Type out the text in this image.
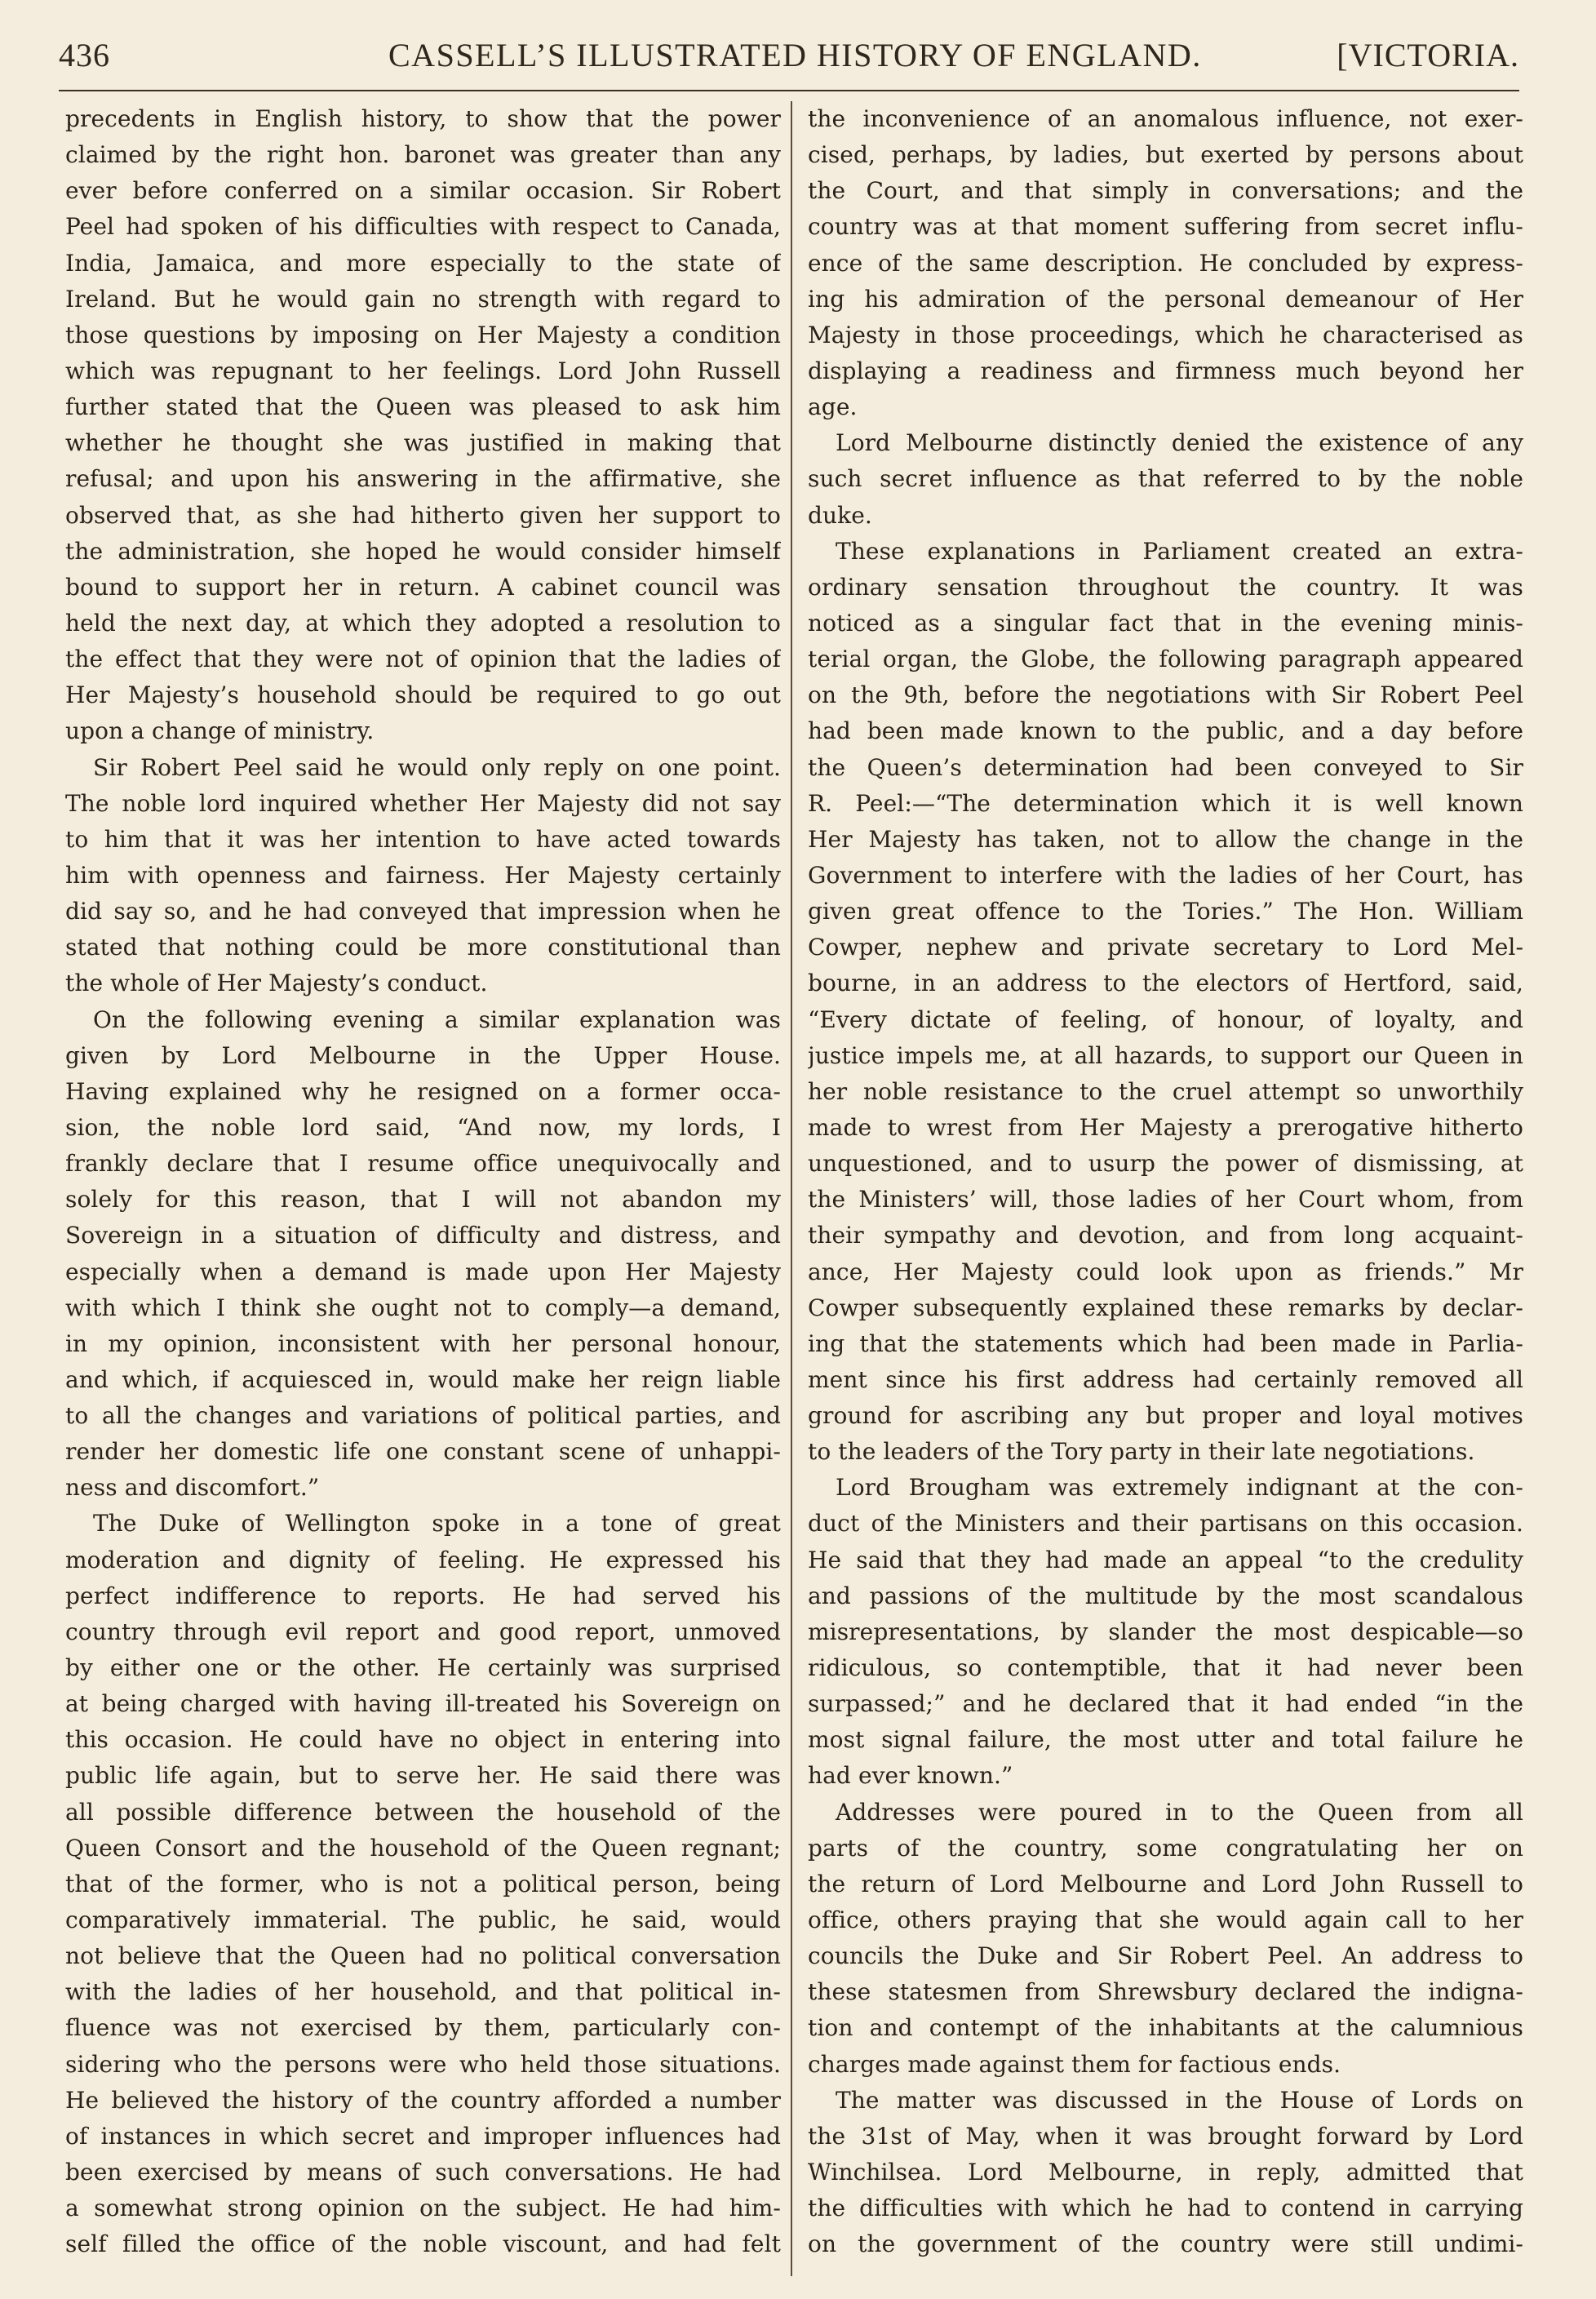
436	CASSELL’S ILLUSTRATED HISTORY OF ENGLAND.	[VICTORIA.
precedents in English history, to show that the power
claimed by the right hon. baronet was greater than any
ever before conferred on a similar occasion. Sir Robert
Peel had spoken of his difficulties with respect to Canada,
India, Jamaica, and more especially to the state of
Ireland. But he would gain no strength with regard to
those questions by imposing on Her Majesty a condition
which was repugnant to her feelings. Lord John Russell
further stated that the Queen was pleased to ask him
whether he thought she was justified in making that
refusal; and upon his answering in the affirmative, she
observed that, as she had hitherto given her support to
the administration, she hoped he would consider himself
bound to support her in return. A cabinet council was
held the next day, at which they adopted a resolution to
the effect that they were not of opinion that the ladies of
Her Majesty’s household should be required to go out
upon a change of ministry.
Sir Robert Peel said he would only reply on one point.
The noble lord inquired whether Her Majesty did not say
to him that it was her intention to have acted towards
him with openness and fairness. Her Majesty certainly
did say so, and he had conveyed that impression when he
stated that nothing could be more constitutional than
the whole of Her Majesty’s conduct.
On the following evening a similar explanation was
given by Lord Melbourne in the Upper House.
Having explained why he resigned on a former occa-
sion, the noble lord said, “And now, my lords, I
frankly declare that I resume office unequivocally and
solely for this reason, that I will not abandon my
Sovereign in a situation of difficulty and distress, and
especially when a demand is made upon Her Majesty
with which I think she ought not to comply—a demand,
in my opinion, inconsistent with her personal honour,
and which, if acquiesced in, would make her reign liable
to all the changes and variations of political parties, and
render her domestic life one constant scene of unhappi-
ness and discomfort.”
The Duke of Wellington spoke in a tone of great
moderation and dignity of feeling. He expressed his
perfect indifference to reports. He had served his
country through evil report and good report, unmoved
by either one or the other. He certainly was surprised
at being charged with having ill-treated his Sovereign on
this occasion. He could have no object in entering into
public life again, but to serve her. He said there was
all possible difference between the household of the
Queen Consort and the household of the Queen regnant;
that of the former, who is not a political person, being
comparatively immaterial. The public, he said, would
not believe that the Queen had no political conversation
with the ladies of her household, and that political in-
fluence was not exercised by them, particularly con-
sidering who the persons were who held those situations.
He believed the history of the country afforded a number
of instances in which secret and improper influences had
been exercised by means of such conversations. He had
a somewhat strong opinion on the subject. He had him-
self filled the office of the noble viscount, and had felt
the inconvenience of an anomalous influence, not exer-
cised, perhaps, by ladies, but exerted by persons about
the Court, and that simply in conversations; and the
country was at that moment suffering from secret influ-
ence of the same description. He concluded by express-
ing his admiration of the personal demeanour of Her
Majesty in those proceedings, which he characterised as
displaying a readiness and firmness much beyond her
age.
Lord Melbourne distinctly denied the existence of any
such secret influence as that referred to by the noble
duke.
These explanations in Parliament created an extra-
ordinary sensation throughout the country. It was
noticed as a singular fact that in the evening minis-
terial organ, the Globe, the following paragraph appeared
on the 9th, before the negotiations with Sir Robert Peel
had been made known to the public, and a day before
the Queen’s determination had been conveyed to Sir
R. Peel:—“The determination which it is well known
Her Majesty has taken, not to allow the change in the
Government to interfere with the ladies of her Court, has
given great offence to the Tories.” The Hon. William
Cowper, nephew and private secretary to Lord Mel-
bourne, in an address to the electors of Hertford, said,
“Every dictate of feeling, of honour, of loyalty, and
justice impels me, at all hazards, to support our Queen in
her noble resistance to the cruel attempt so unworthily
made to wrest from Her Majesty a prerogative hitherto
unquestioned, and to usurp the power of dismissing, at
the Ministers’ will, those ladies of her Court whom, from
their sympathy and devotion, and from long acquaint-
ance, Her Majesty could look upon as friends.” Mr
Cowper subsequently explained these remarks by declar-
ing that the statements which had been made in Parlia-
ment since his first address had certainly removed all
ground for ascribing any but proper and loyal motives
to the leaders of the Tory party in their late negotiations.
Lord Brougham was extremely indignant at the con-
duct of the Ministers and their partisans on this occasion.
He said that they had made an appeal “to the credulity
and passions of the multitude by the most scandalous
misrepresentations, by slander the most despicable—so
ridiculous, so contemptible, that it had never been
surpassed;” and he declared that it had ended “in the
most signal failure, the most utter and total failure he
had ever known.”
Addresses were poured in to the Queen from all
parts of the country, some congratulating her on
the return of Lord Melbourne and Lord John Russell to
office, others praying that she would again call to her
councils the Duke and Sir Robert Peel. An address to
these statesmen from Shrewsbury declared the indigna-
tion and contempt of the inhabitants at the calumnious
charges made against them for factious ends.
The matter was discussed in the House of Lords on
the 31st of May, when it was brought forward by Lord
Winchilsea. Lord Melbourne, in reply, admitted that
the difficulties with which he had to contend in carrying
on the government of the country were still undimi-
